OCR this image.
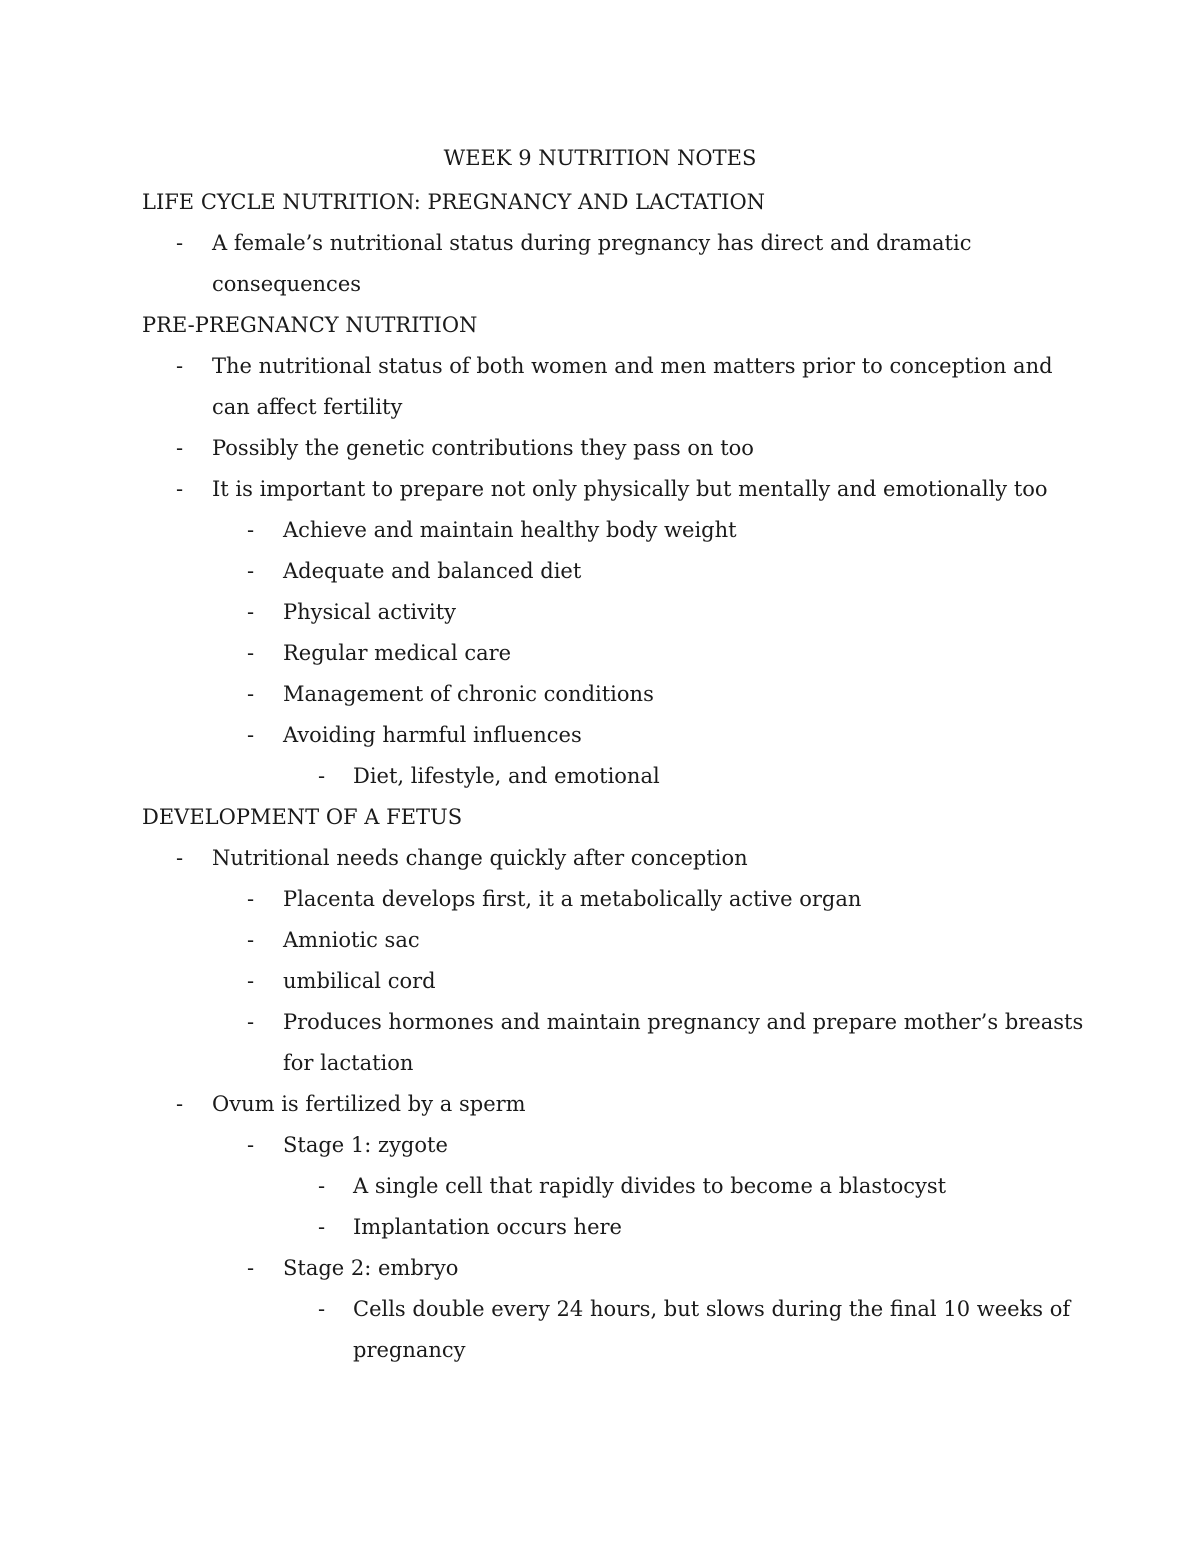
WEEK 9 NUTRITION NOTES
LIFE CYCLE NUTRITION: PREGNANCY AND LACTATION
-	A female’s nutritional status during pregnancy has direct and dramatic
consequences
PRE-PREGNANCY NUTRITION
-	The nutritional status of both women and men matters prior to conception and
can affect fertility
-	Possibly the genetic contributions they pass on too
-	It is important to prepare not only physically but mentally and emotionally too
-	Achieve and maintain healthy body weight
-	Adequate and balanced diet
-	Physical activity
-	Regular medical care
-	Management of chronic conditions
-	Avoiding harmful influences
-	Diet, lifestyle, and emotional
DEVELOPMENT OF A FETUS
-	Nutritional needs change quickly after conception
-	Placenta develops first, it a metabolically active organ
-	Amniotic sac
-	umbilical cord
-	Produces hormones and maintain pregnancy and prepare mother’s breasts
for lactation
-	Ovum is fertilized by a sperm
-	Stage 1: zygote
-	A single cell that rapidly divides to become a blastocyst
-	Implantation occurs here
-	Stage 2: embryo
-	Cells double every 24 hours, but slows during the final 10 weeks of
pregnancy
